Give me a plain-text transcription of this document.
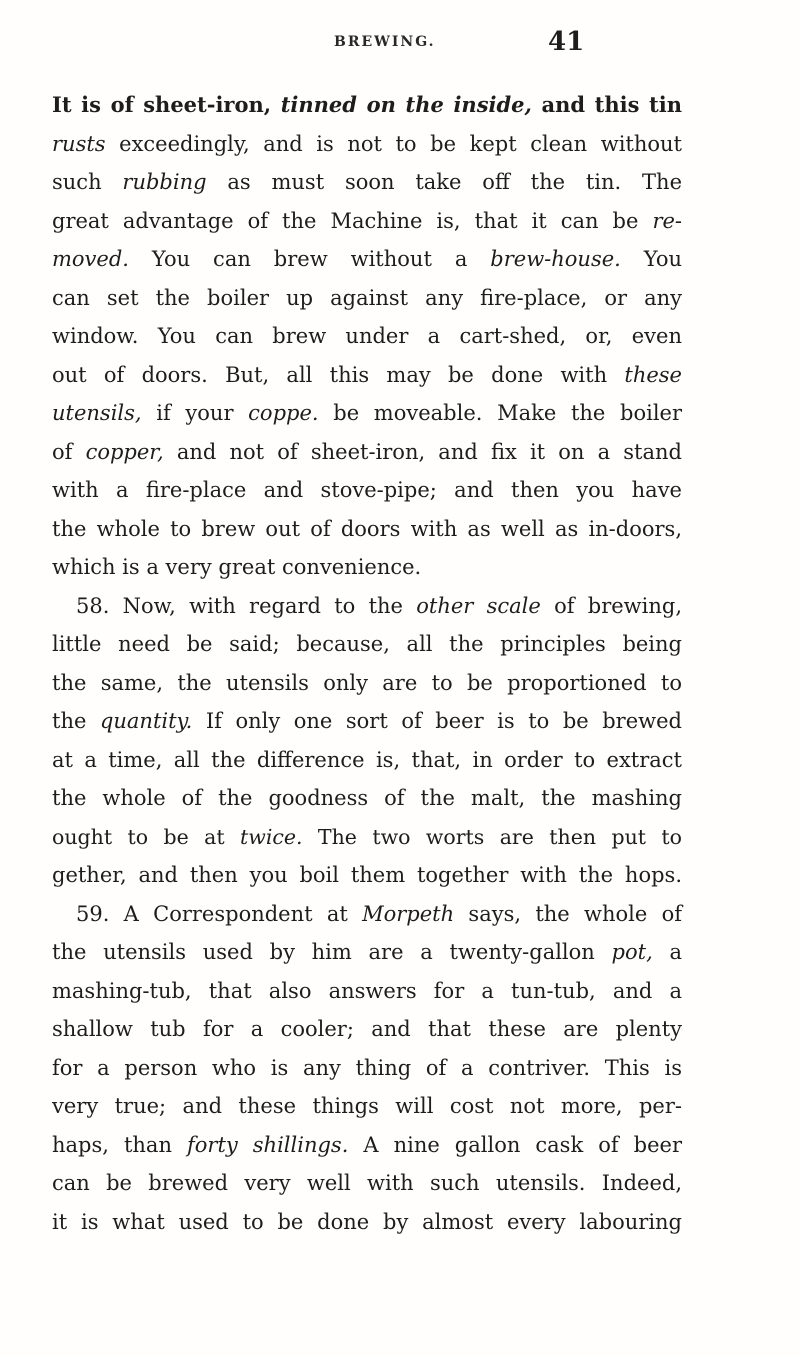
BREWING.	41
It is of sheet-iron, tinned on the inside, and this tin
rusts exceedingly, and is not to be kept clean without
such rubbing as must soon take off the tin. The
great advantage of the Machine is, that it can be re-
moved. You can brew without a brew-house. You
can set the boiler up against any fire-place, or any
window. You can brew under a cart-shed, or, even
out of doors. But, all this may be done with these
utensils, if your coppe. be moveable. Make the boiler
of copper, and not of sheet-iron, and fix it on a stand
with a fire-place and stove-pipe; and then you have
the whole to brew out of doors with as well as in-doors,
which is a very great convenience.
58. Now, with regard to the other scale of brewing,
little need be said; because, all the principles being
the same, the utensils only are to be proportioned to
the quantity. If only one sort of beer is to be brewed
at a time, all the difference is, that, in order to extract
the whole of the goodness of the malt, the mashing
ought to be at twice. The two worts are then put to
gether, and then you boil them together with the hops.
59. A Correspondent at Morpeth says, the whole of
the utensils used by him are a twenty-gallon pot, a
mashing-tub, that also answers for a tun-tub, and a
shallow tub for a cooler; and that these are plenty
for a person who is any thing of a contriver. This is
very true; and these things will cost not more, per-
haps, than forty shillings. A nine gallon cask of beer
can be brewed very well with such utensils. Indeed,
it is what used to be done by almost every labouring
